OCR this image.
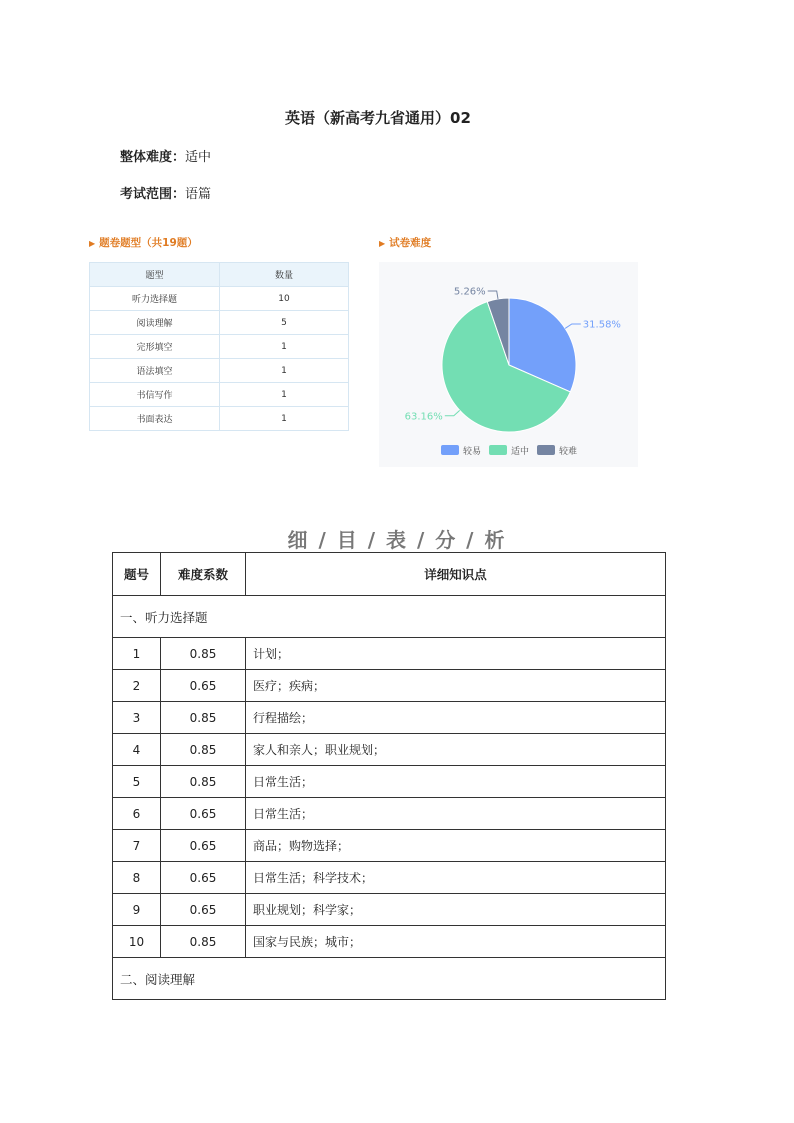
英语（新高考九省通用）02
整体难度：适中
考试范围：语篇
▶ 题卷题型（共19题）	▶ 试卷难度
题型	数量
听力选择题	10
阅读理解	5
完形填空	1
语法填空	1
书信写作	1
书面表达	1
31.58%
63.16%
5.26%
较易	适中	较难
细 / 目 / 表 / 分 / 析
题号	难度系数	详细知识点
一、听力选择题		
1	0.85	计划；
2	0.65	医疗；疾病；
3	0.85	行程描绘；
4	0.85	家人和亲人；职业规划；
5	0.85	日常生活；
6	0.65	日常生活；
7	0.65	商品；购物选择；
8	0.65	日常生活；科学技术；
9	0.65	职业规划；科学家；
10	0.85	国家与民族；城市；
二、阅读理解		
